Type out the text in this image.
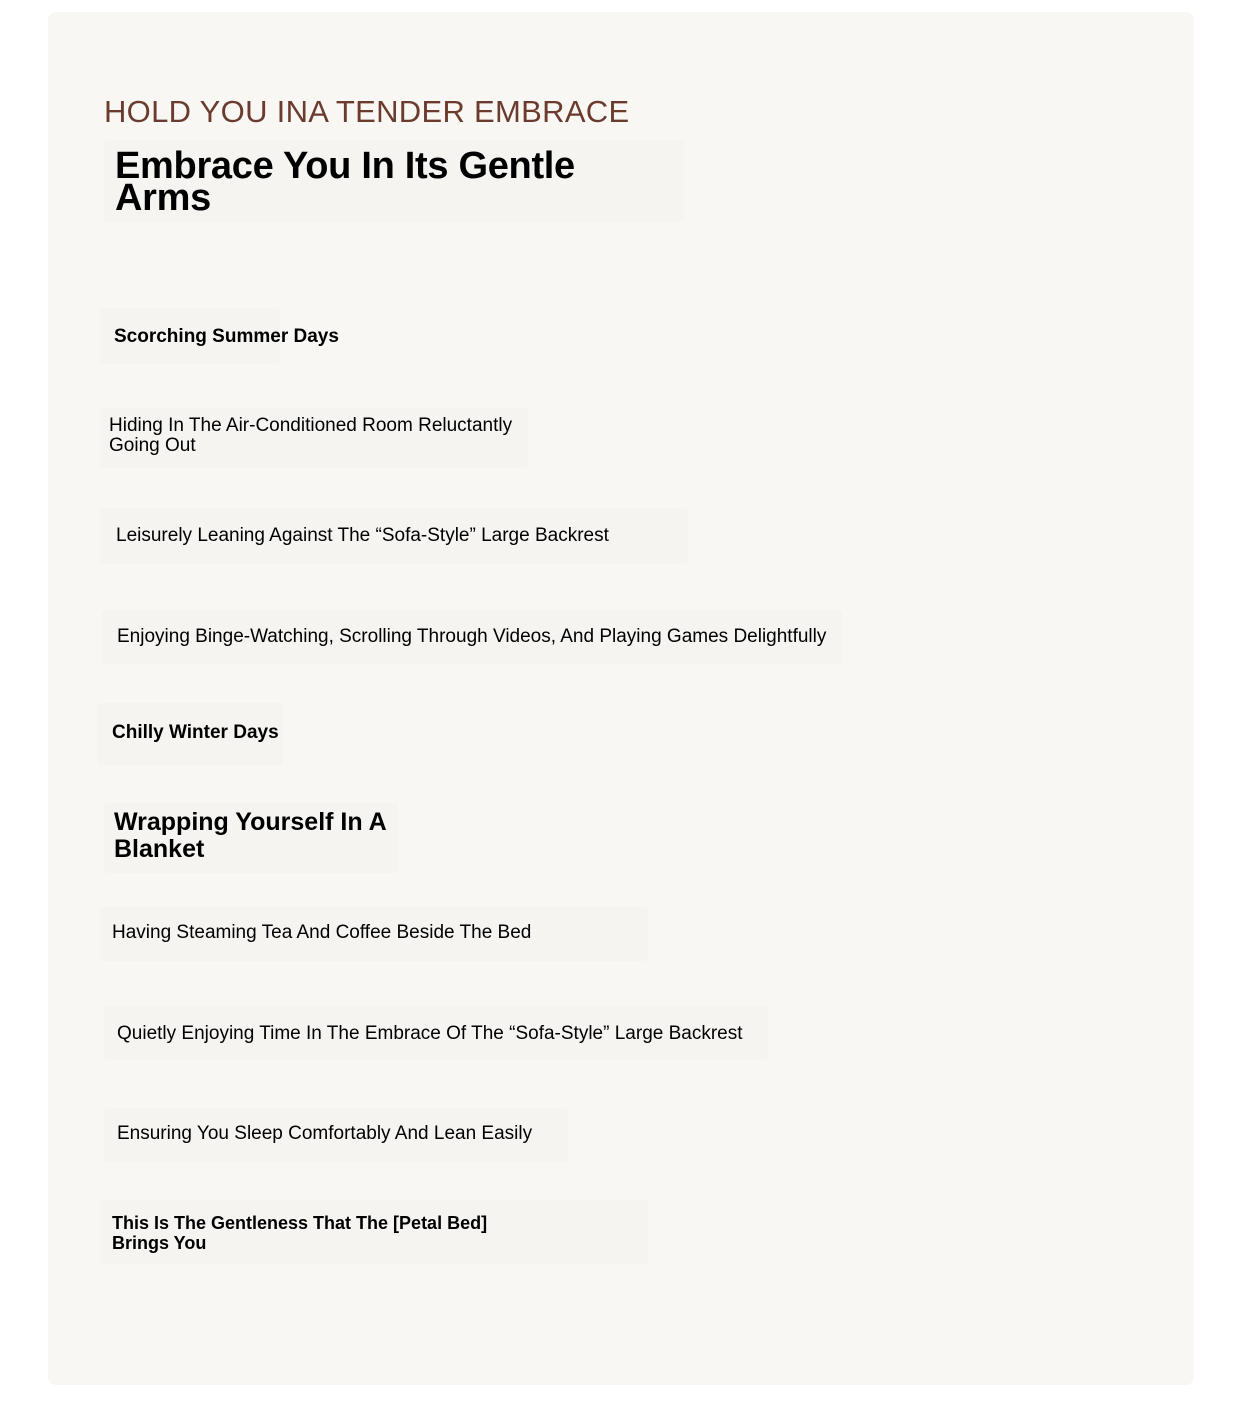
HOLD YOU INA TENDER EMBRACE
Embrace You In Its Gentle Arms
Scorching Summer Days
Hiding In The Air-Conditioned Room Reluctantly Going Out
Leisurely Leaning Against The “Sofa-Style” Large Backrest
Enjoying Binge-Watching, Scrolling Through Videos, And Playing Games Delightfully
Chilly Winter Days
Wrapping Yourself In A Blanket
Having Steaming Tea And Coffee Beside The Bed
Quietly Enjoying Time In The Embrace Of The “Sofa-Style” Large Backrest
Ensuring You Sleep Comfortably And Lean Easily
This Is The Gentleness That The [Petal Bed] Brings You
